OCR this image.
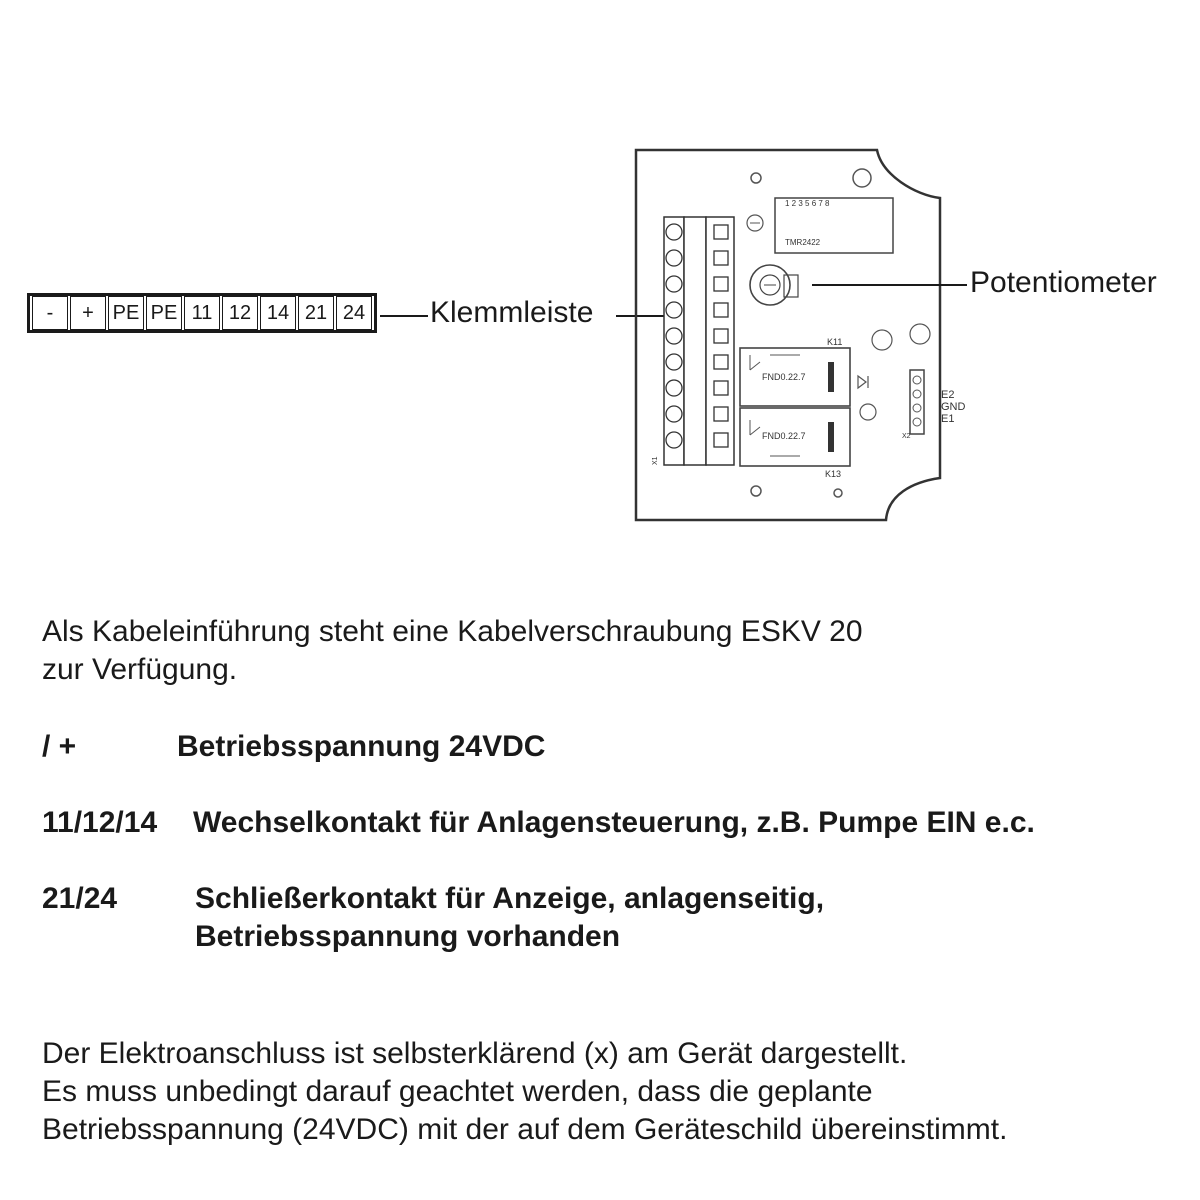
-	+ PE PE 11 12 14 21 24 Klemmleiste
X1
1 2 3 5 6 7 8
TMR2422
FND0.22.7
K11
FND0.22.7
K13
X2
E2
GND
E1
Potentiometer
Als Kabeleinführung steht eine Kabelverschraubung ESKV 20
zur Verfügung.
/ +	Betriebsspannung 24VDC
11/12/14 Wechselkontakt für Anlagensteuerung, z.B. Pumpe EIN e.c.
21/24	Schließerkontakt für Anzeige, anlagenseitig,
Betriebsspannung vorhanden
Der Elektroanschluss ist selbsterklärend (x) am Gerät dargestellt.
Es muss unbedingt darauf geachtet werden, dass die geplante
Betriebsspannung (24VDC) mit der auf dem Geräteschild übereinstimmt.
